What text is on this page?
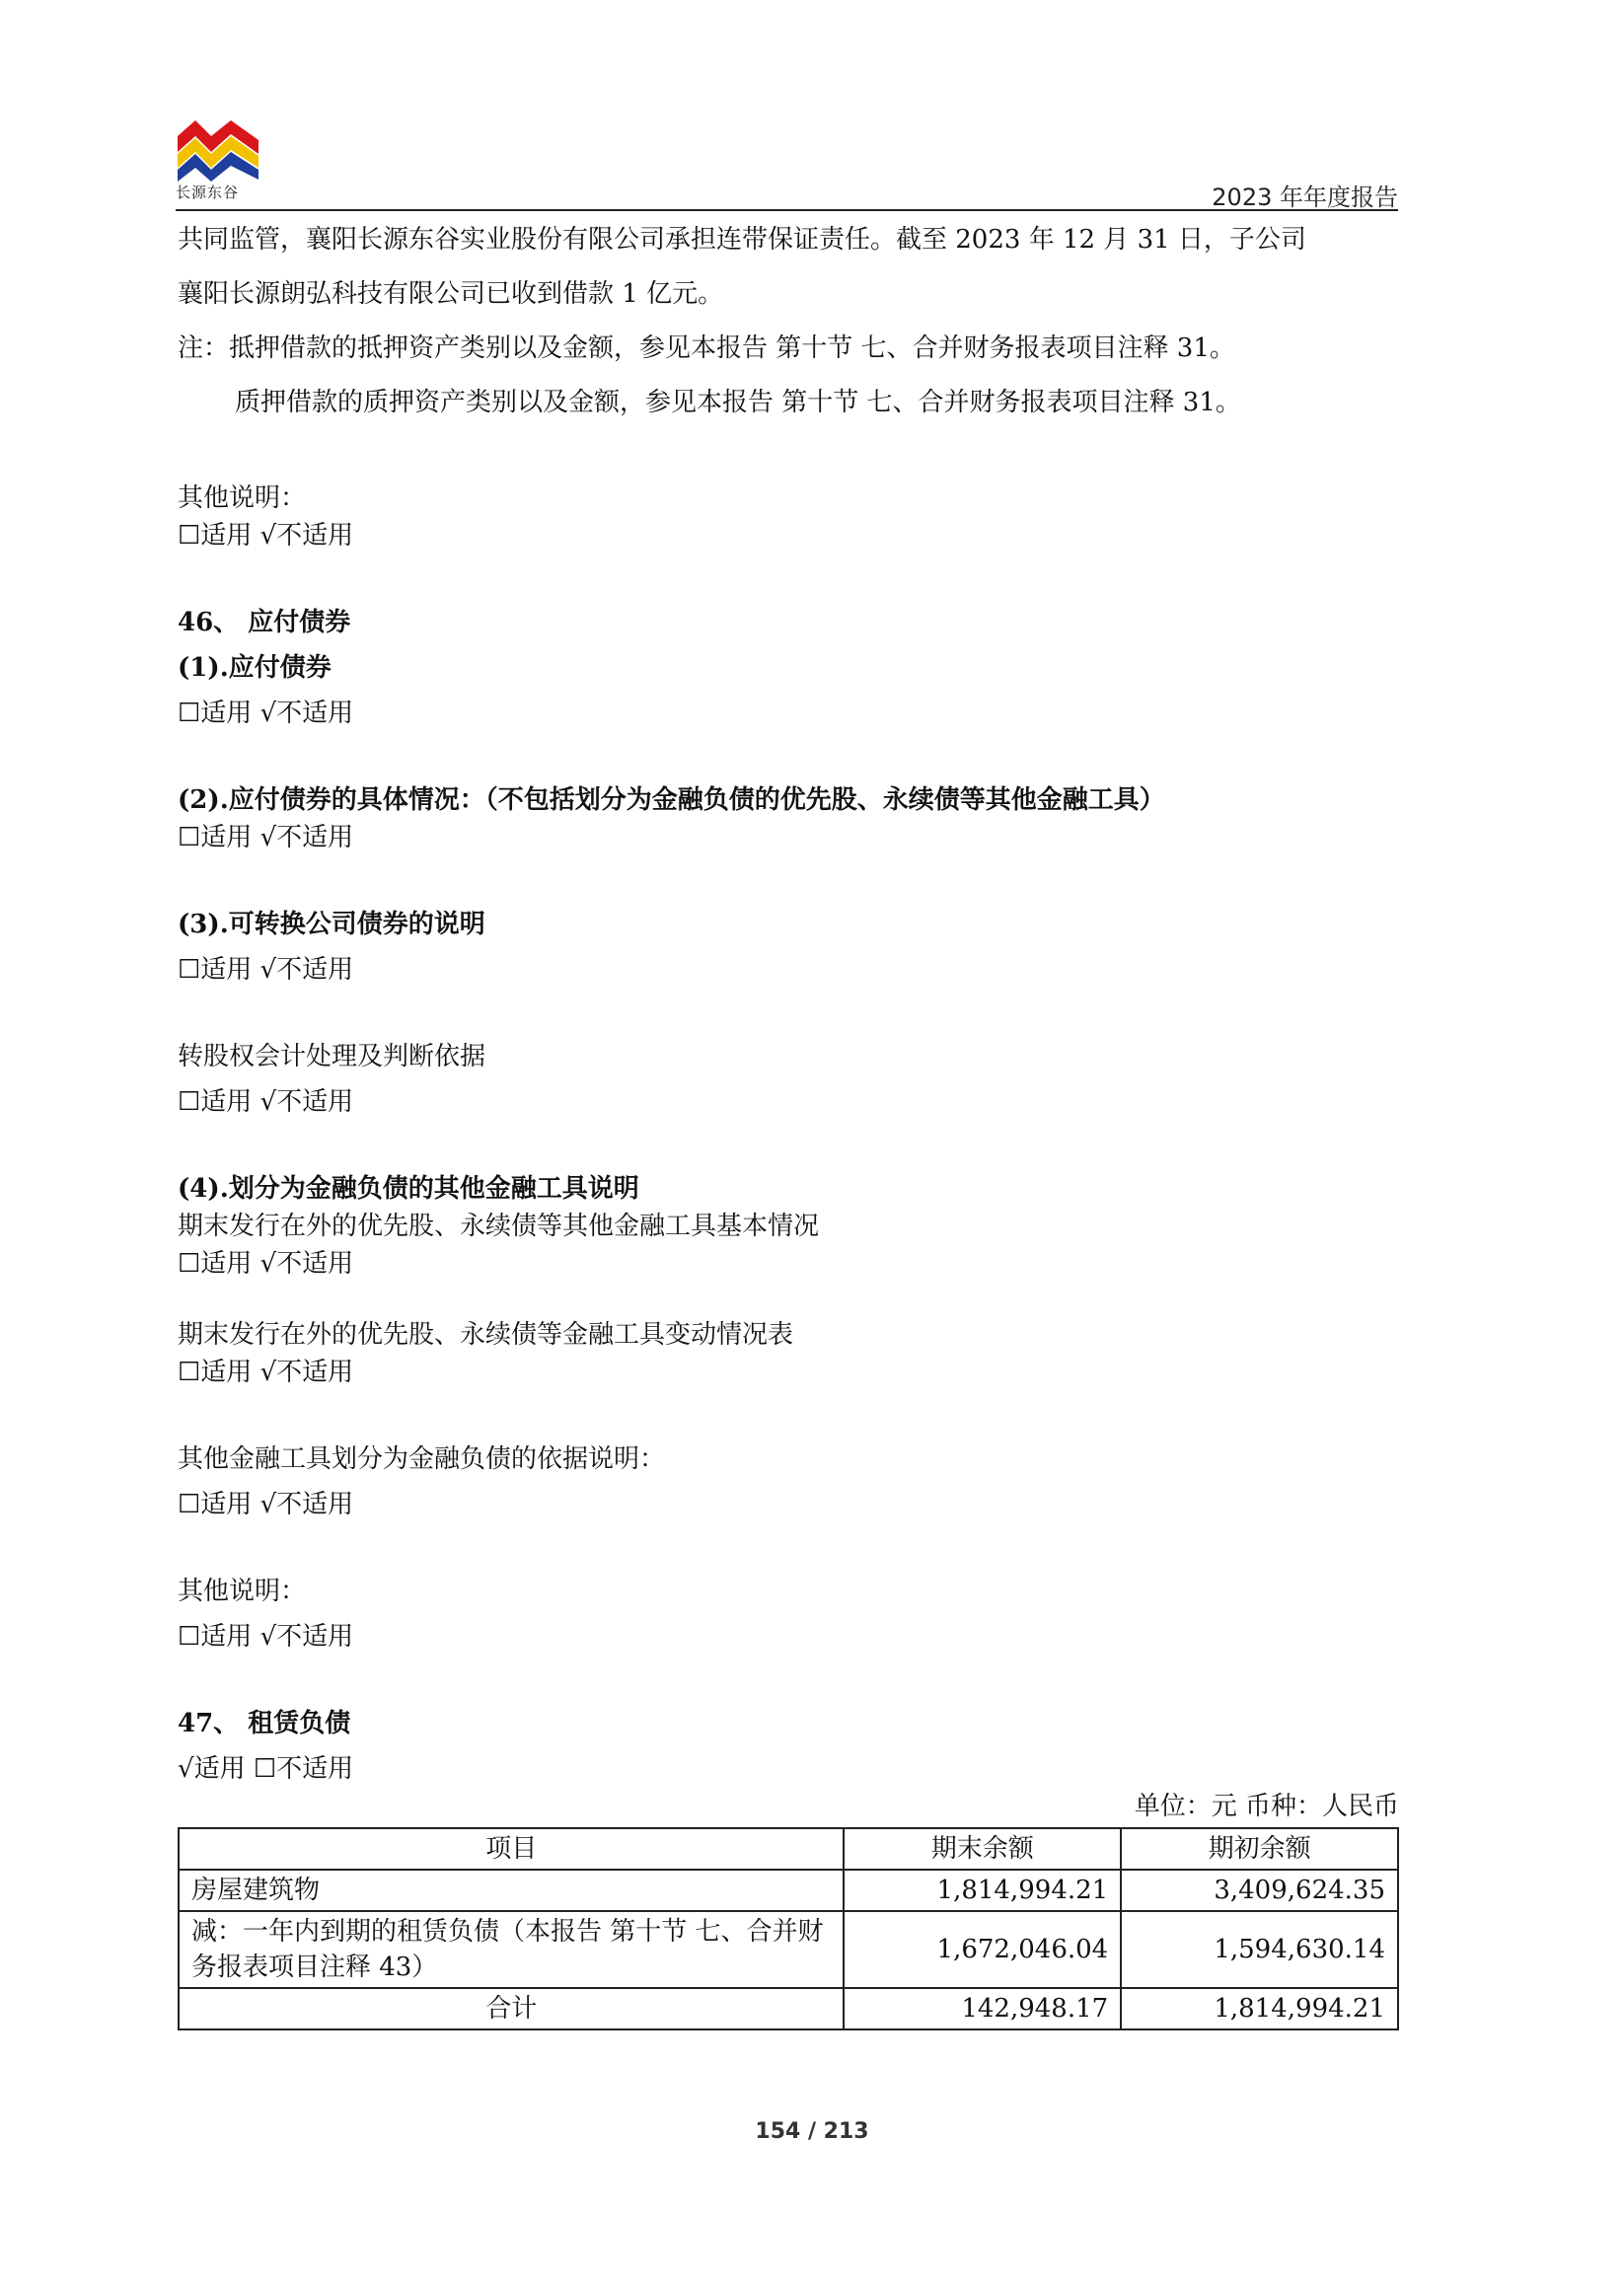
长源东谷	2023 年年度报告

共同监管，襄阳长源东谷实业股份有限公司承担连带保证责任。截至 2023 年 12 月 31 日，子公司

襄阳长源朗弘科技有限公司已收到借款 1 亿元。

注：抵押借款的抵押资产类别以及金额，参见本报告 第十节 七、合并财务报表项目注释 31。

质押借款的质押资产类别以及金额，参见本报告 第十节 七、合并财务报表项目注释 31。

其他说明：

☐适用 √不适用

46、 应付债券

(1).应付债券

☐适用 √不适用

(2).应付债券的具体情况：（不包括划分为金融负债的优先股、永续债等其他金融工具）

☐适用 √不适用

(3).可转换公司债券的说明

☐适用 √不适用

转股权会计处理及判断依据

☐适用 √不适用

(4).划分为金融负债的其他金融工具说明

期末发行在外的优先股、永续债等其他金融工具基本情况

☐适用 √不适用

期末发行在外的优先股、永续债等金融工具变动情况表

☐适用 √不适用

其他金融工具划分为金融负债的依据说明：

☐适用 √不适用

其他说明：

☐适用 √不适用

47、 租赁负债

√适用 ☐不适用

单位：元 币种：人民币

项目	期末余额	期初余额
房屋建筑物	1,814,994.21	3,409,624.35
减：一年内到期的租赁负债（本报告 第十节 七、合并财务报表项目注释 43）	1,672,046.04	1,594,630.14
合计	142,948.17	1,814,994.21
154 / 213
